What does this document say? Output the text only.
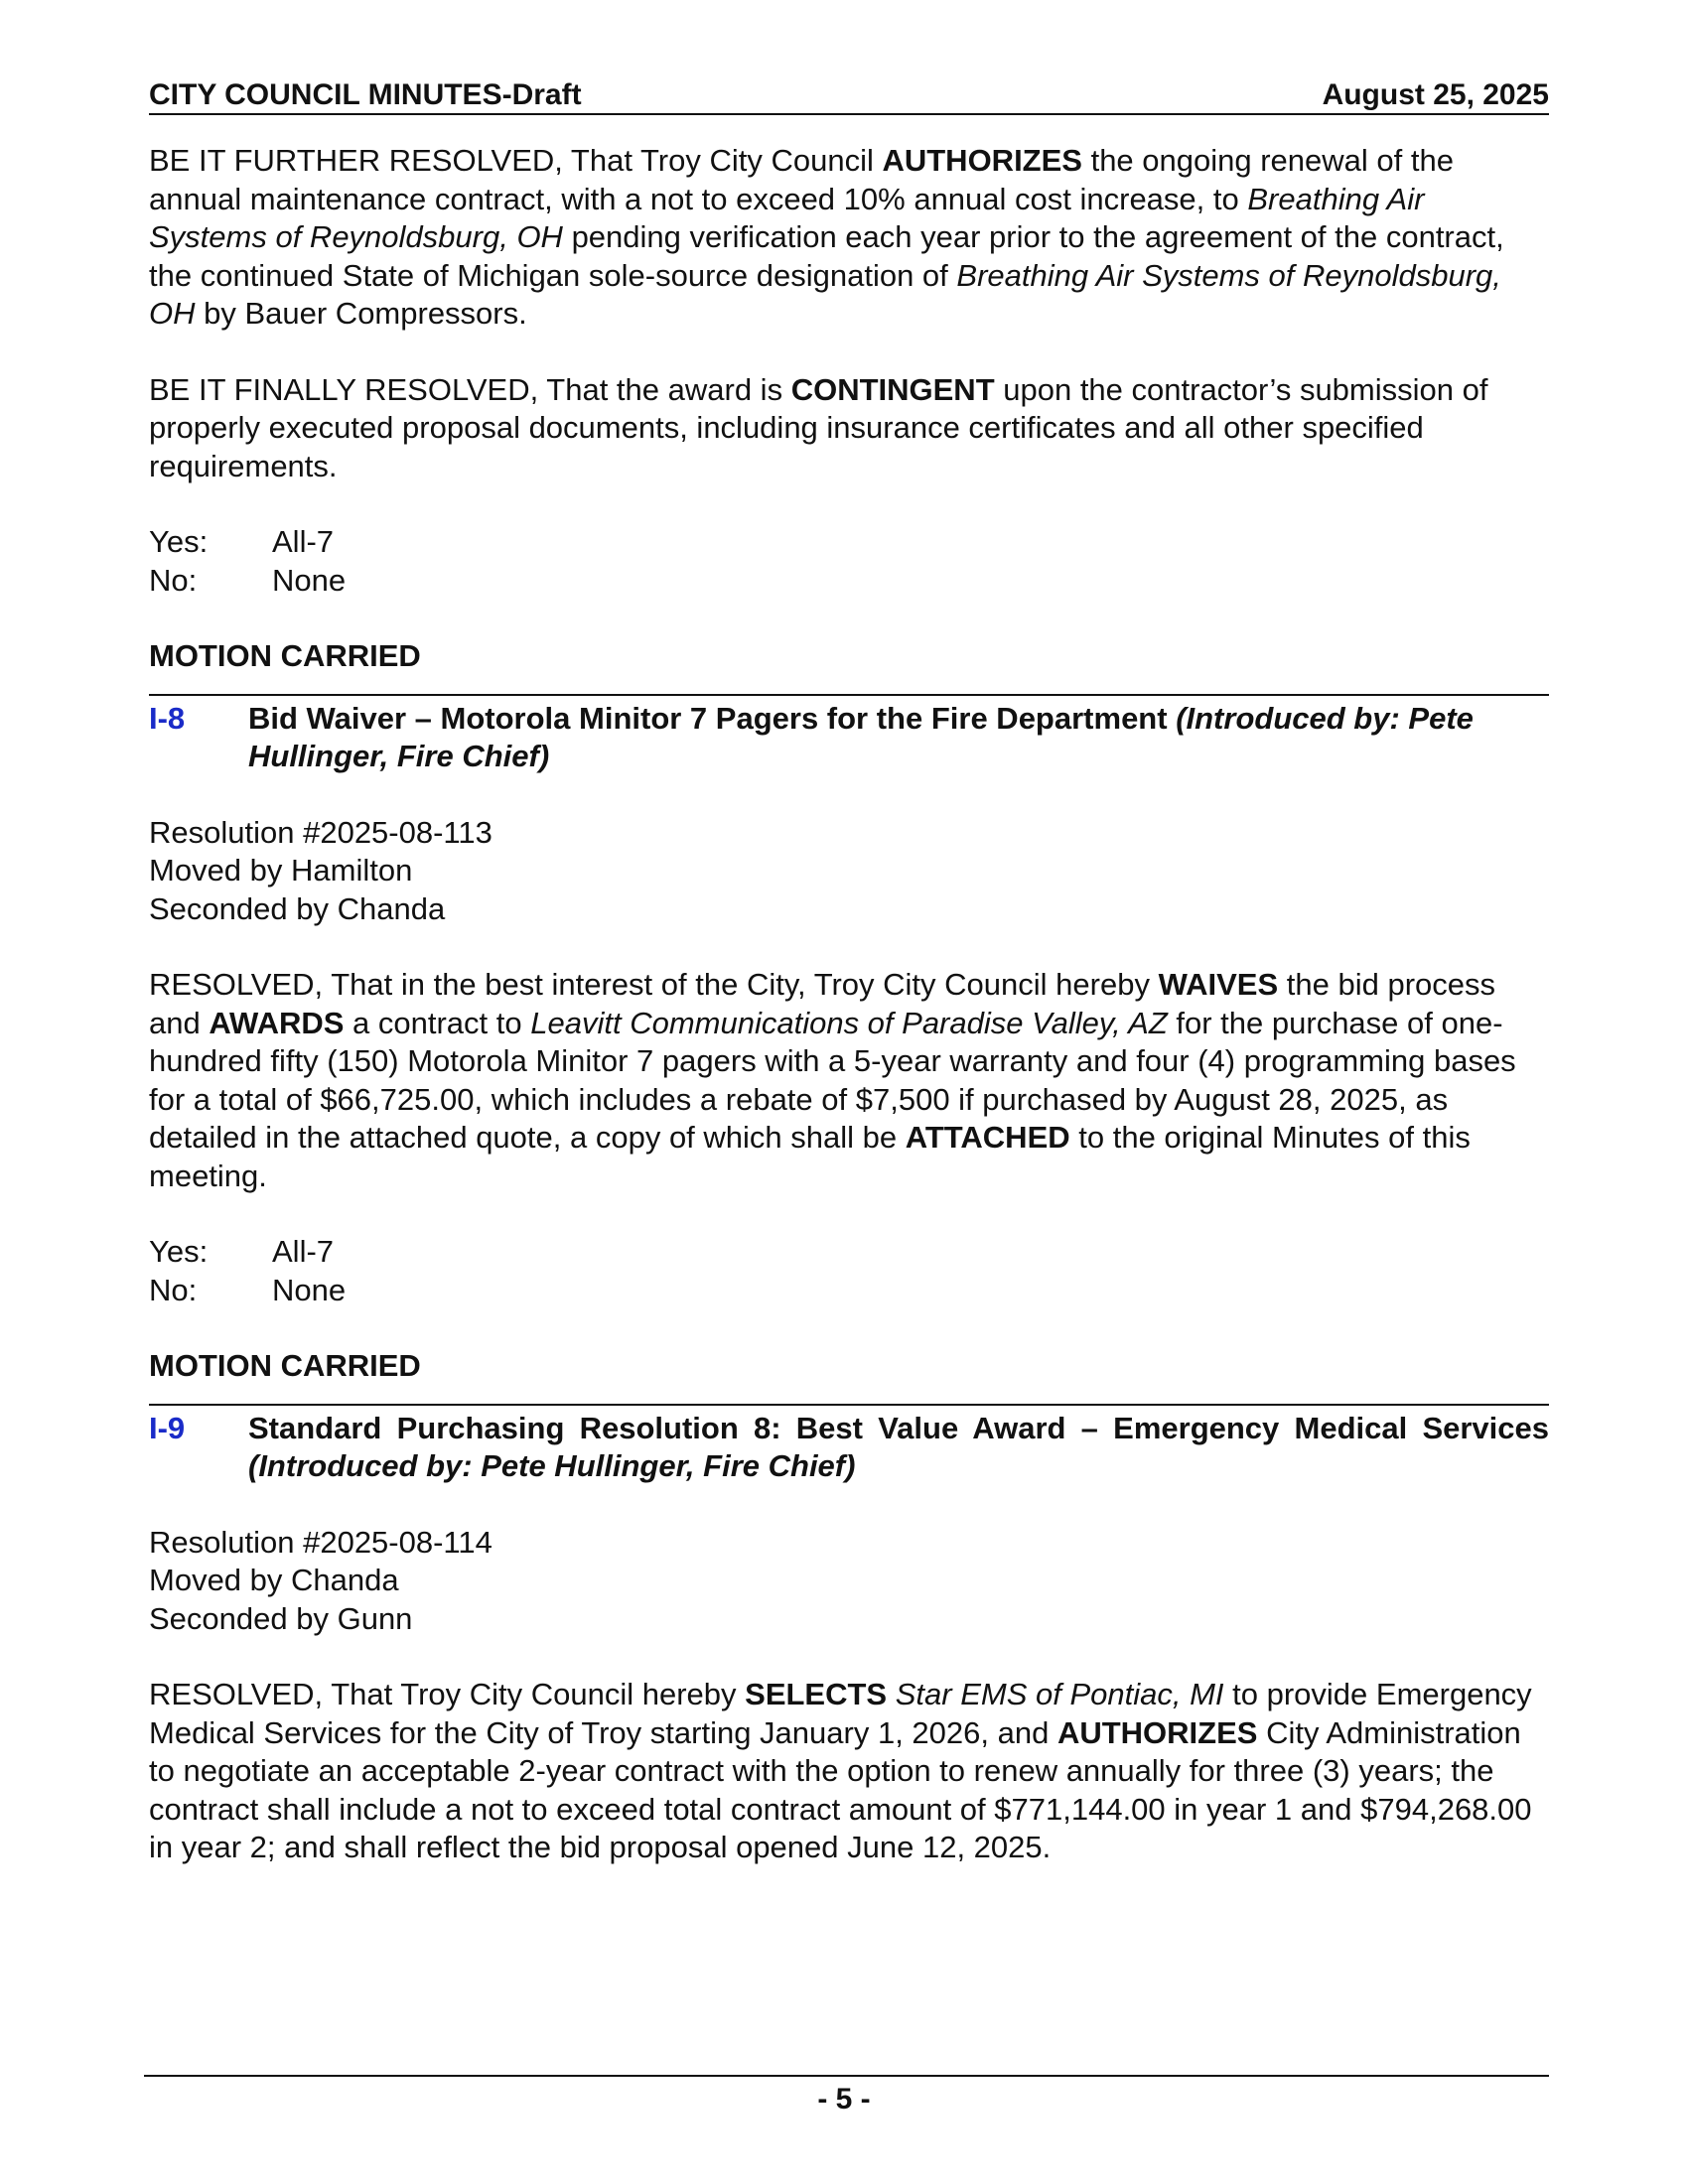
CITY COUNCIL MINUTES-Draft	August 25, 2025

BE IT FURTHER RESOLVED, That Troy City Council AUTHORIZES the ongoing renewal of the annual maintenance contract, with a not to exceed 10% annual cost increase, to Breathing Air Systems of Reynoldsburg, OH pending verification each year prior to the agreement of the contract, the continued State of Michigan sole-source designation of Breathing Air Systems of Reynoldsburg, OH by Bauer Compressors.

BE IT FINALLY RESOLVED, That the award is CONTINGENT upon the contractor’s submission of properly executed proposal documents, including insurance certificates and all other specified requirements.

Yes:	All-7
No:	None
MOTION CARRIED
I-8	Bid Waiver – Motorola Minitor 7 Pagers for the Fire Department (Introduced by: Pete Hullinger, Fire Chief)
Resolution #2025-08-113
Moved by Hamilton
Seconded by Chanda

RESOLVED, That in the best interest of the City, Troy City Council hereby WAIVES the bid process and AWARDS a contract to Leavitt Communications of Paradise Valley, AZ for the purchase of one-hundred fifty (150) Motorola Minitor 7 pagers with a 5-year warranty and four (4) programming bases for a total of $66,725.00, which includes a rebate of $7,500 if purchased by August 28, 2025, as detailed in the attached quote, a copy of which shall be ATTACHED to the original Minutes of this meeting.

Yes:	All-7
No:	None
MOTION CARRIED
I-9	Standard Purchasing Resolution 8: Best Value Award – Emergency Medical Services (Introduced by: Pete Hullinger, Fire Chief)
Resolution #2025-08-114
Moved by Chanda
Seconded by Gunn

RESOLVED, That Troy City Council hereby SELECTS Star EMS of Pontiac, MI to provide Emergency Medical Services for the City of Troy starting January 1, 2026, and AUTHORIZES City Administration to negotiate an acceptable 2-year contract with the option to renew annually for three (3) years; the contract shall include a not to exceed total contract amount of $771,144.00 in year 1 and $794,268.00 in year 2; and shall reflect the bid proposal opened June 12, 2025.

- 5 -
